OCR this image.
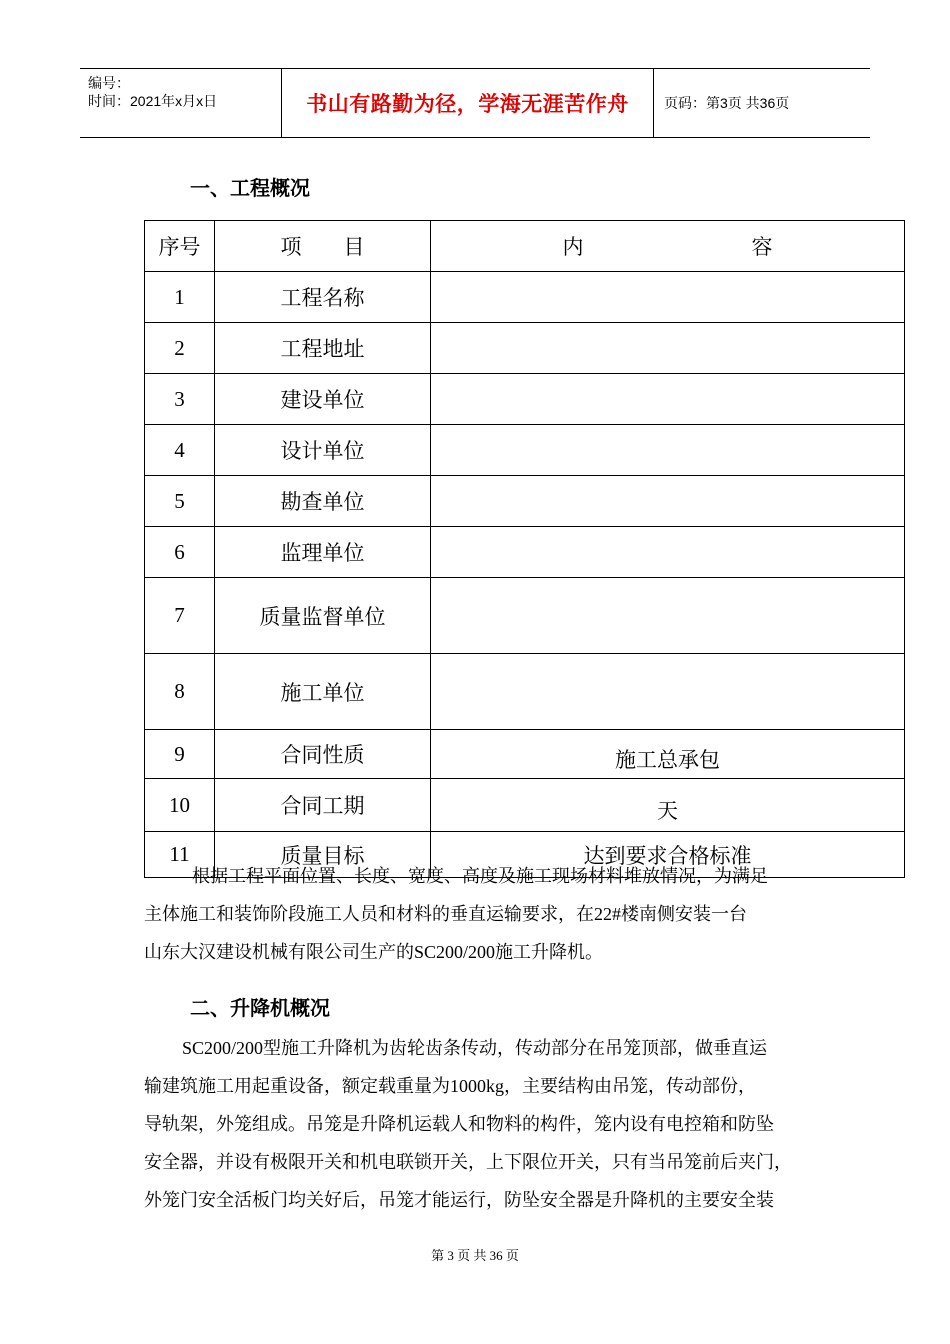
编号：
时间：2021年x月x日	书山有路勤为径，学海无涯苦作舟	页码：第3页 共36页
一、工程概况
序号	项 目	内 容

1	工程名称	
2	工程地址	
3	建设单位	
4	设计单位	
5	勘查单位	
6	监理单位	
7	质量监督单位	
8	施工单位	
9	合同性质	施工总承包
10	合同工期	天
11	质量目标	达到要求合格标准
根据工程平面位置、长度、宽度、高度及施工现场材料堆放情况，为满足
主体施工和装饰阶段施工人员和材料的垂直运输要求，在22#楼南侧安装一台
山东大汉建设机械有限公司生产的SC200/200施工升降机。
二、升降机概况
SC200/200型施工升降机为齿轮齿条传动，传动部分在吊笼顶部，做垂直运
输建筑施工用起重设备，额定载重量为1000kg，主要结构由吊笼，传动部份，
导轨架，外笼组成。吊笼是升降机运载人和物料的构件，笼内设有电控箱和防坠
安全器，并设有极限开关和机电联锁开关，上下限位开关，只有当吊笼前后夹门，
外笼门安全活板门均关好后，吊笼才能运行，防坠安全器是升降机的主要安全装
第 3 页 共 36 页
